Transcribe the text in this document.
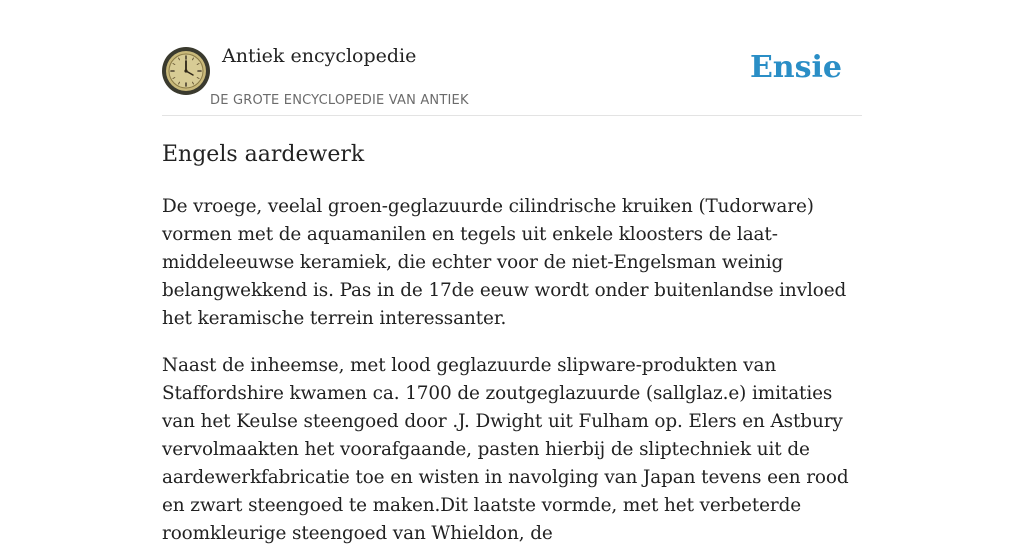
Antiek encyclopedie
DE GROTE ENCYCLOPEDIE VAN ANTIEK
Ensie
Engels aardewerk

De vroege, veelal groen-geglazuurde cilindrische kruiken (Tudorware) vormen met de aquamanilen en tegels uit enkele kloosters de laat-middeleeuwse keramiek, die echter voor de niet-Engelsman weinig belangwekkend is. Pas in de 17de eeuw wordt onder buitenlandse invloed het keramische terrein interessanter.

Naast de inheemse, met lood geglazuurde slipware-produkten van Staffordshire kwamen ca. 1700 de zoutgeglazuurde (sallglaz.e) imitaties van het Keulse steengoed door .J. Dwight uit Fulham op. Elers en Astbury vervolmaakten het voorafgaande, pasten hierbij de sliptechniek uit de aardewerkfabricatie toe en wisten in navolging van Japan tevens een rood en zwart steengoed te maken.Dit laatste vormde, met het verbeterde roomkleurige steengoed van Whieldon, de
